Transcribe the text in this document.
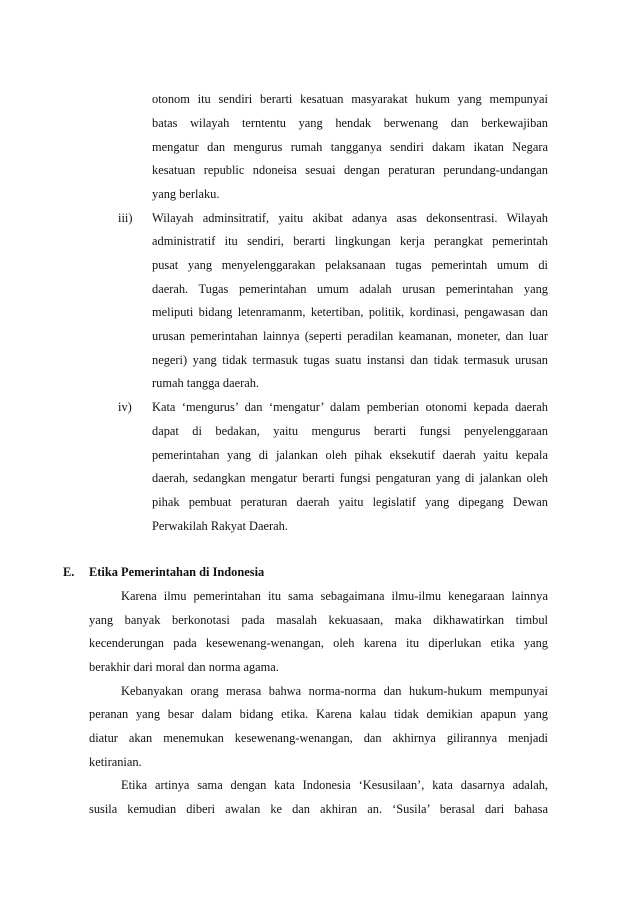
otonom itu sendiri berarti kesatuan masyarakat hukum yang mempunyai

batas wilayah terntentu yang hendak berwenang dan berkewajiban

mengatur dan mengurus rumah tangganya sendiri dakam ikatan Negara

kesatuan republic ndoneisa sesuai dengan peraturan perundang-undangan

yang berlaku.

iii) Wilayah adminsitratif, yaitu akibat adanya asas dekonsentrasi. Wilayah

administratif itu sendiri, berarti lingkungan kerja perangkat pemerintah

pusat yang menyelenggarakan pelaksanaan tugas pemerintah umum di

daerah. Tugas pemerintahan umum adalah urusan pemerintahan yang

meliputi bidang letenramanm, ketertiban, politik, kordinasi, pengawasan dan

urusan pemerintahan lainnya (seperti peradilan keamanan, moneter, dan luar

negeri) yang tidak termasuk tugas suatu instansi dan tidak termasuk urusan

rumah tangga daerah.

iv) Kata ‘mengurus’ dan ‘mengatur’ dalam pemberian otonomi kepada daerah

dapat di bedakan, yaitu mengurus berarti fungsi penyelenggaraan

pemerintahan yang di jalankan oleh pihak eksekutif daerah yaitu kepala

daerah, sedangkan mengatur berarti fungsi pengaturan yang di jalankan oleh

pihak pembuat peraturan daerah yaitu legislatif yang dipegang Dewan

Perwakilah Rakyat Daerah.

E. Etika Pemerintahan di Indonesia

Karena ilmu pemerintahan itu sama sebagaimana ilmu-ilmu kenegaraan lainnya

yang banyak berkonotasi pada masalah kekuasaan, maka dikhawatirkan timbul

kecenderungan pada kesewenang-wenangan, oleh karena itu diperlukan etika yang

berakhir dari moral dan norma agama.

Kebanyakan orang merasa bahwa norma-norma dan hukum-hukum mempunyai

peranan yang besar dalam bidang etika. Karena kalau tidak demikian apapun yang

diatur akan menemukan kesewenang-wenangan, dan akhirnya gilirannya menjadi

ketiranian.

Etika artinya sama dengan kata Indonesia ‘Kesusilaan’, kata dasarnya adalah,

susila kemudian diberi awalan ke dan akhiran an. ‘Susila’ berasal dari bahasa
